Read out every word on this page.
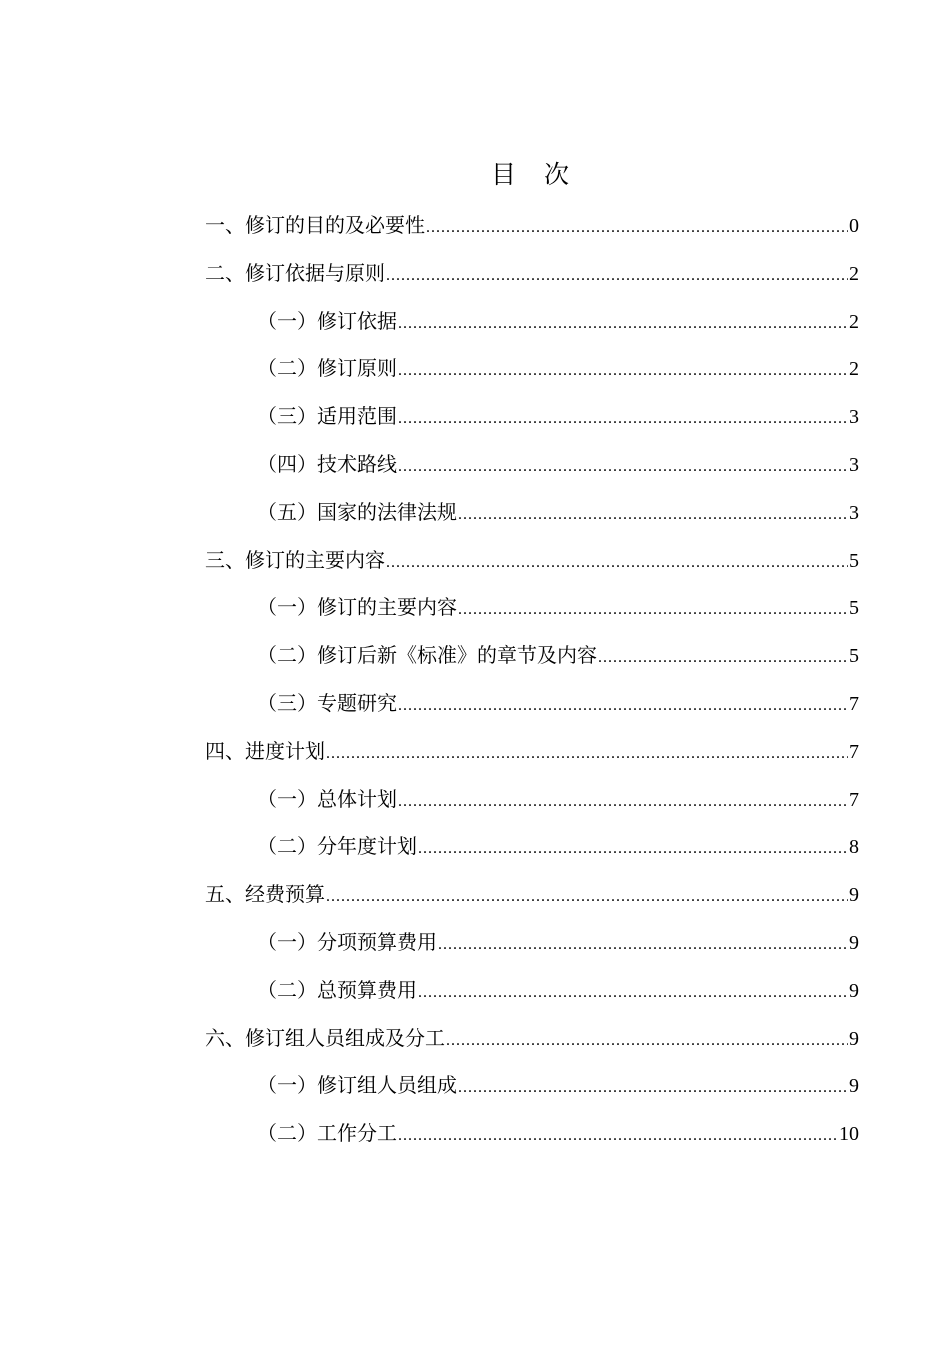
目 次
一、修订的目的及必要性 .....	0
二、修订依据与原则 .....	2
（一）修订依据 .....	2
（二）修订原则 .....	2
（三）适用范围 .....	3
（四）技术路线 .....	3
（五）国家的法律法规 .....	3
三、修订的主要内容 .....	5
（一）修订的主要内容 .....	5
（二）修订后新《标准》的章节及内容 .....	5
（三）专题研究 .....	7
四、进度计划 .....	7
（一）总体计划 .....	7
（二）分年度计划 .....	8
五、经费预算 .....	9
（一）分项预算费用 .....	9
（二）总预算费用 .....	9
六、修订组人员组成及分工 .....	9
（一）修订组人员组成 .....	9
（二）工作分工 .....	10
